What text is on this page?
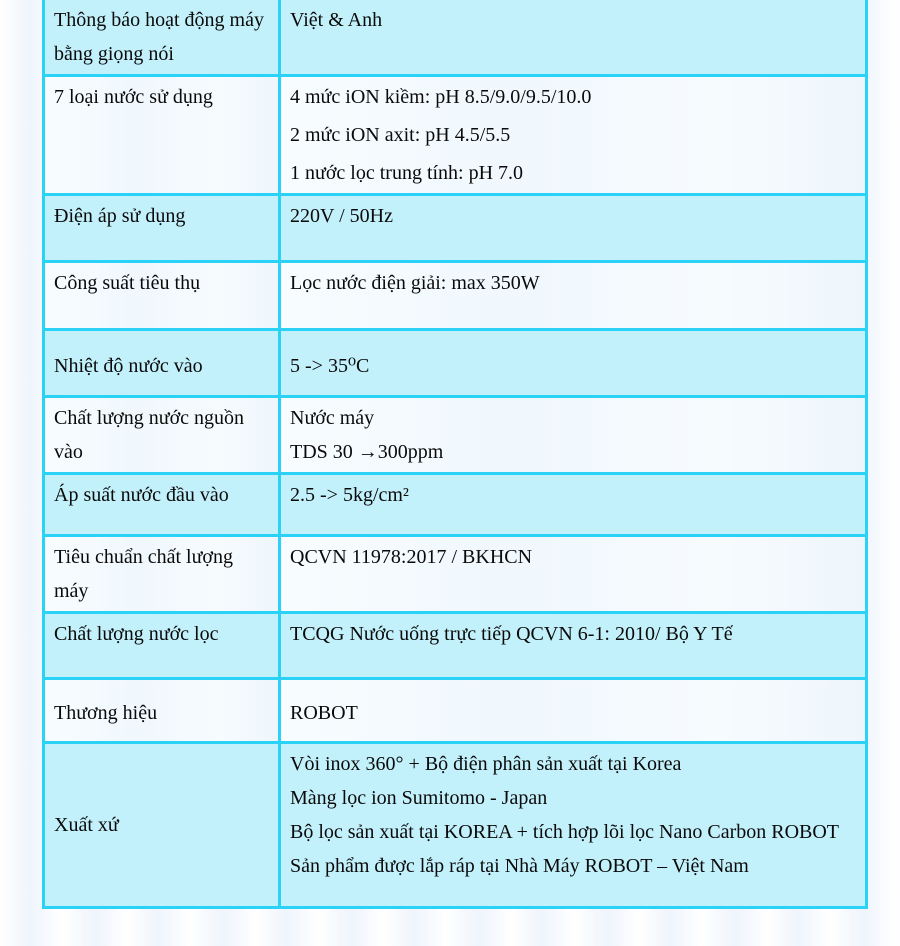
Thông báo hoạt động máy bằng giọng nói	Việt & Anh

7 loại nước sử dụng	4 mức iON kiềm: pH 8.5/9.0/9.5/10.0
2 mức iON axit: pH 4.5/5.5
1 nước lọc trung tính: pH 7.0

Điện áp sử dụng	220V / 50Hz

Công suất tiêu thụ	Lọc nước điện giải: max 350W

Nhiệt độ nước vào	5 -> 35⁰C

Chất lượng nước nguồn vào	Nước máy
TDS 30 →300ppm

Áp suất nước đầu vào	2.5 -> 5kg/cm²

Tiêu chuẩn chất lượng máy	QCVN 11978:2017 / BKHCN

Chất lượng nước lọc	TCQG Nước uống trực tiếp QCVN 6-1: 2010/ Bộ Y Tế

Thương hiệu	ROBOT

Xuất xứ	Vòi inox 360° + Bộ điện phân sản xuất tại Korea
Màng lọc ion Sumitomo - Japan
Bộ lọc sản xuất tại KOREA + tích hợp lõi lọc Nano Carbon ROBOT
Sản phẩm được lắp ráp tại Nhà Máy ROBOT – Việt Nam
